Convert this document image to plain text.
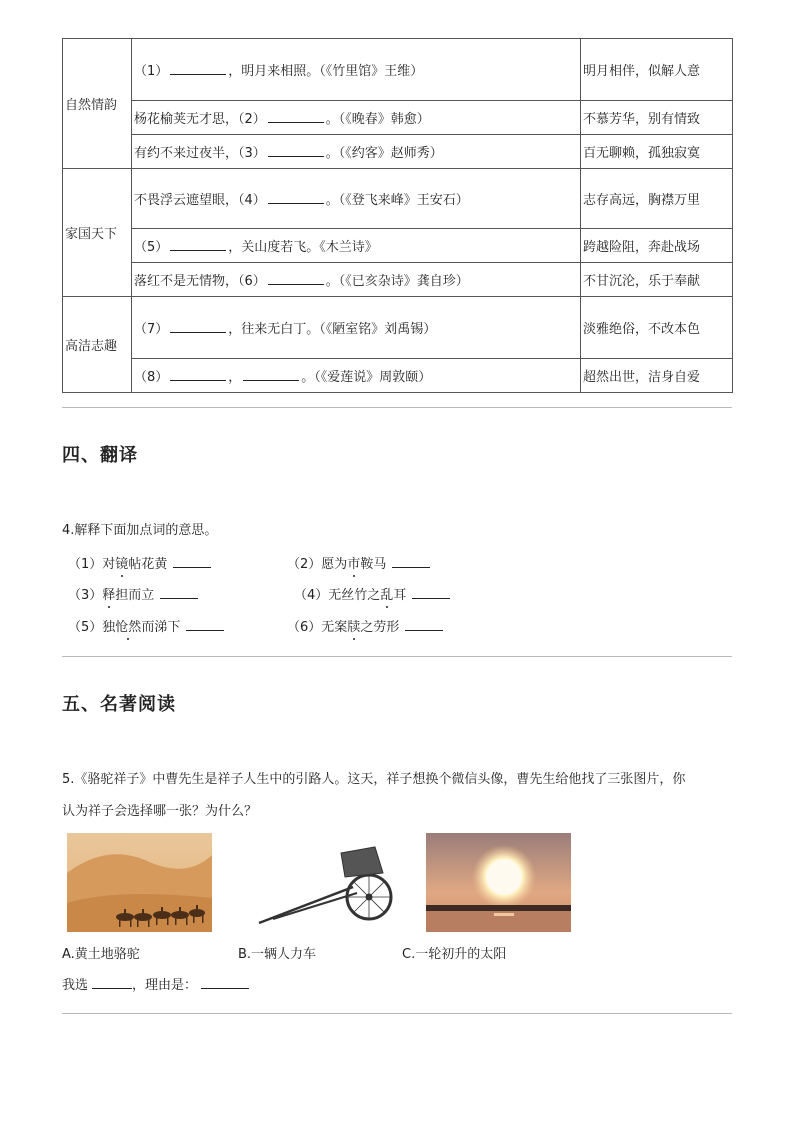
自然情韵	（1） ，明月来相照。（《竹里馆》王维）	明月相伴，似解人意
	杨花榆荚无才思，（2） 。（《晚春》韩愈）	不慕芳华，别有情致
	有约不来过夜半，（3） 。（《约客》赵师秀）	百无聊赖，孤独寂寞
家国天下	不畏浮云遮望眼，（4） 。（《登飞来峰》王安石）	志存高远，胸襟万里
	（5） ，关山度若飞。《木兰诗》	跨越险阻，奔赴战场
	落红不是无情物，（6） 。（《已亥杂诗》龚自珍）	不甘沉沦，乐于奉献
高洁志趣	（7） ，往来无白丁。（《陋室铭》刘禹锡）	淡雅绝俗，不改本色
	（8） ， 。（《爱莲说》周敦颐）	超然出世，洁身自爱
四、翻译
4.解释下面加点词的意思。
（1）对镜帖花黄	（2）愿为市鞍马
（3）释担而立	（4）无丝竹之乱耳
（5）独怆然而涕下	（6）无案牍之劳形
五、名著阅读
5.《骆驼祥子》中曹先生是祥子人生中的引路人。这天，祥子想换个微信头像，曹先生给他找了三张图片，你
认为祥子会选择哪一张？为什么？
A.黄土地骆驼	B.一辆人力车	C.一轮初升的太阳
我选	，理由是：
